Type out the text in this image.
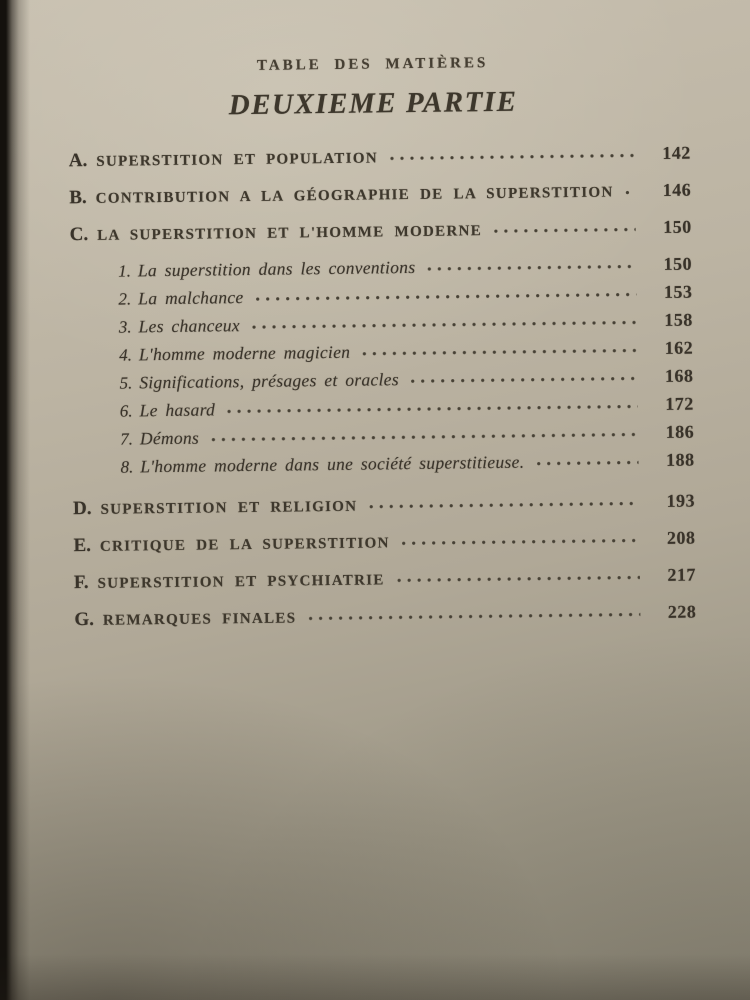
TABLE DES MATIÈRES
DEUXIEME PARTIE
A. SUPERSTITION ET POPULATION	142
B. CONTRIBUTION A LA GÉOGRAPHIE DE LA SUPERSTITION	146
C. LA SUPERSTITION ET L'HOMME MODERNE	150
1. La superstition dans les conventions	150
2. La malchance	153
3. Les chanceux	158
4. L'homme moderne magicien	162
5. Significations, présages et oracles	168
6. Le hasard	172
7. Démons	186
8. L'homme moderne dans une société superstitieuse.	188
D. SUPERSTITION ET RELIGION	193
E. CRITIQUE DE LA SUPERSTITION	208
F. SUPERSTITION ET PSYCHIATRIE	217
G. REMARQUES FINALES	228
